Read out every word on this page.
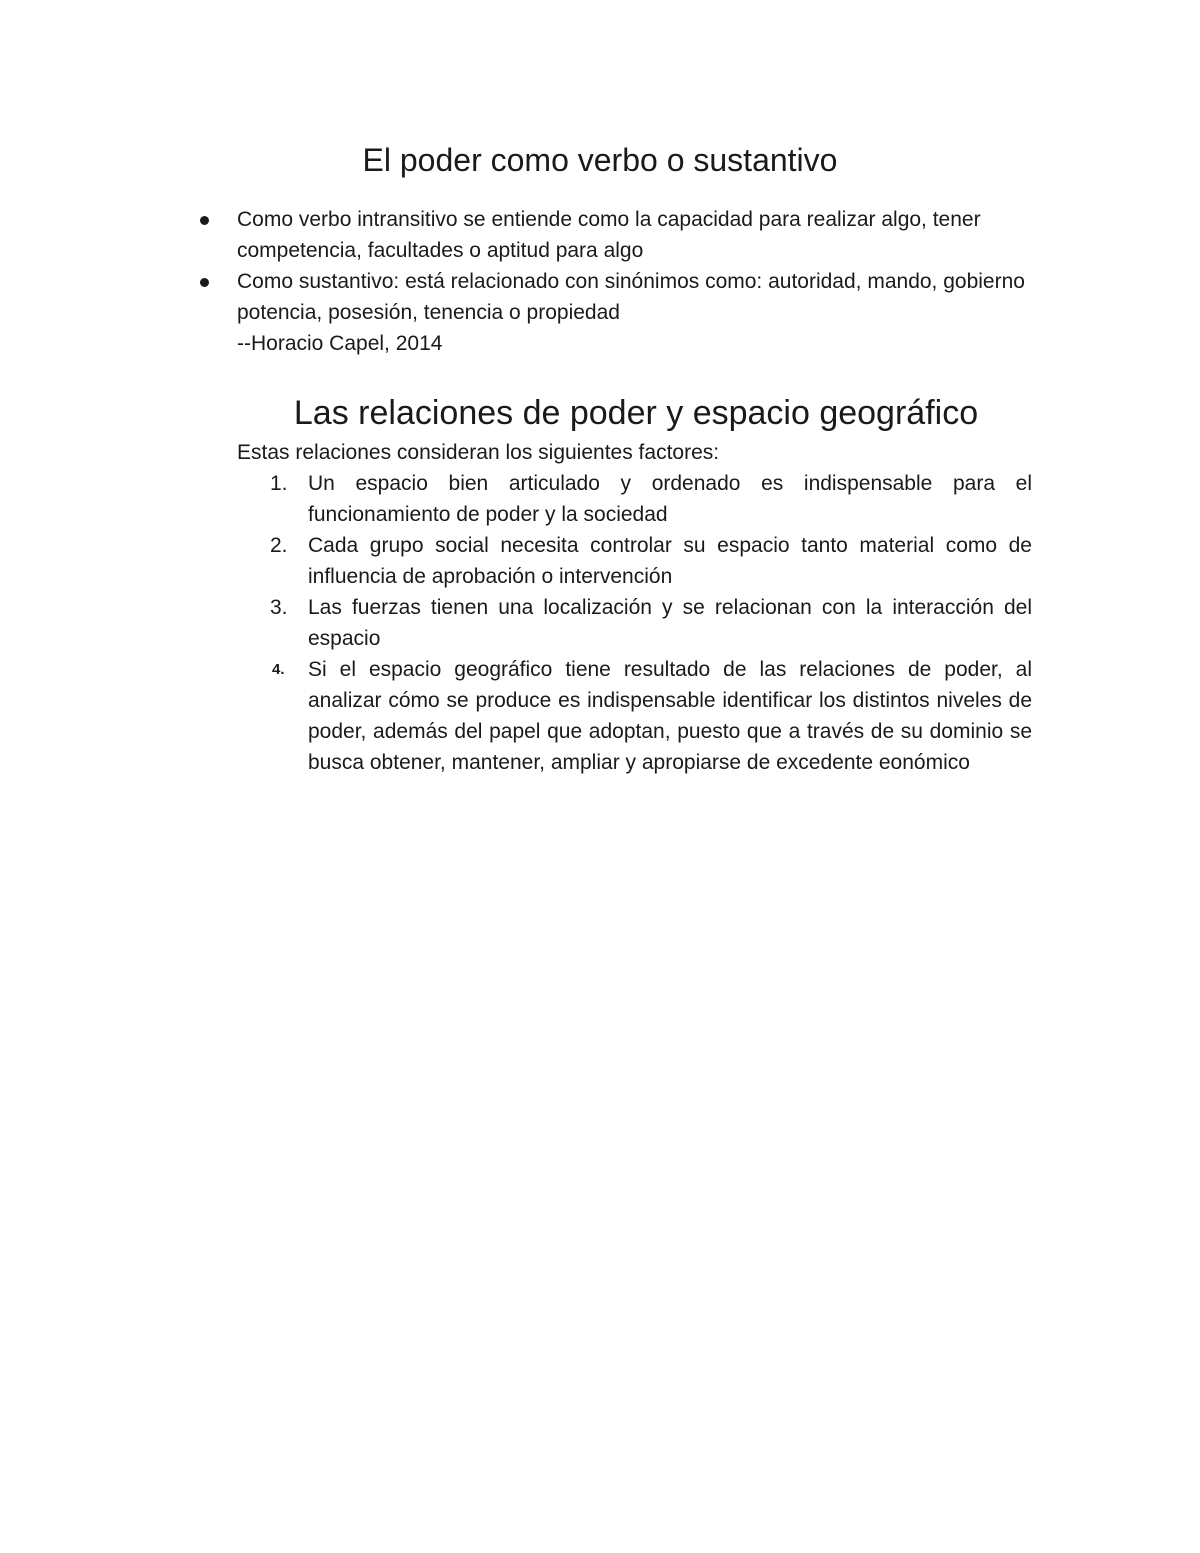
El poder como verbo o sustantivo
Como verbo intransitivo se entiende como la capacidad para realizar algo, tener competencia, facultades o aptitud para algo
Como sustantivo: está relacionado con sinónimos como: autoridad, mando, gobierno potencia, posesión, tenencia o propiedad
--Horacio Capel, 2014
Las relaciones de poder y espacio geográfico

Estas relaciones consideran los siguientes factores:

1. Un espacio bien articulado y ordenado es indispensable para el funcionamiento de poder y la sociedad
2. Cada grupo social necesita controlar su espacio tanto material como de influencia de aprobación o intervención
3. Las fuerzas tienen una localización y se relacionan con la interacción del espacio
4. Si el espacio geográfico tiene resultado de las relaciones de poder, al analizar cómo se produce es indispensable identificar los distintos niveles de poder, además del papel que adoptan, puesto que a través de su dominio se busca obtener, mantener, ampliar y apropiarse de excedente eonómico
